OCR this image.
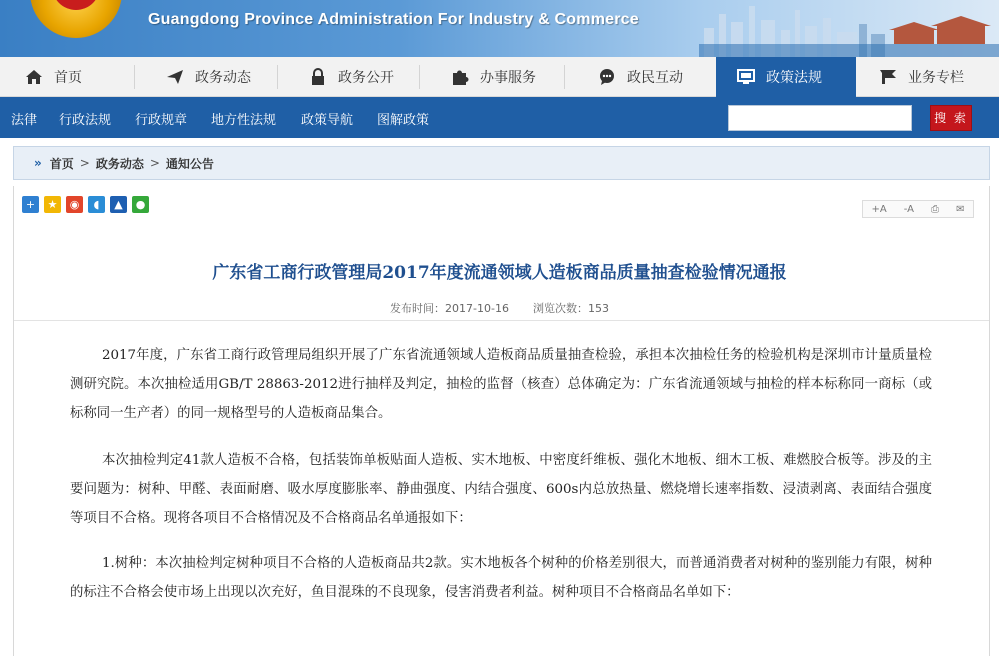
Guangdong Province Administration For Industry & Commerce
首页	政务动态	政务公开	办事服务	政民互动	政策法规	业务专栏
法律 行政法规 行政规章 地方性法规 政策导航 图解政策	搜 索
» 首页 > 政务动态 > 通知公告
+	★	◉	◖	▲	●	+A -A ⎙ ✉
广东省工商行政管理局2017年度流通领域人造板商品质量抽查检验情况通报
发布时间：2017-10-16 浏览次数：153

2017年度，广东省工商行政管理局组织开展了广东省流通领域人造板商品质量抽查检验，承担本次抽检任务的检验机构是深圳市计量质量检测研究院。本次抽检适用GB/T 28863-2012进行抽样及判定，抽检的监督（核查）总体确定为：广东省流通领域与抽检的样本标称同一商标（或标称同一生产者）的同一规格型号的人造板商品集合。

本次抽检判定41款人造板不合格，包括装饰单板贴面人造板、实木地板、中密度纤维板、强化木地板、细木工板、难燃胶合板等。涉及的主要问题为：树种、甲醛、表面耐磨、吸水厚度膨胀率、静曲强度、内结合强度、600s内总放热量、燃烧增长速率指数、浸渍剥离、表面结合强度等项目不合格。现将各项目不合格情况及不合格商品名单通报如下：

1.树种：本次抽检判定树种项目不合格的人造板商品共2款。实木地板各个树种的价格差别很大，而普通消费者对树种的鉴别能力有限，树种的标注不合格会使市场上出现以次充好，鱼目混珠的不良现象，侵害消费者利益。树种项目不合格商品名单如下：
